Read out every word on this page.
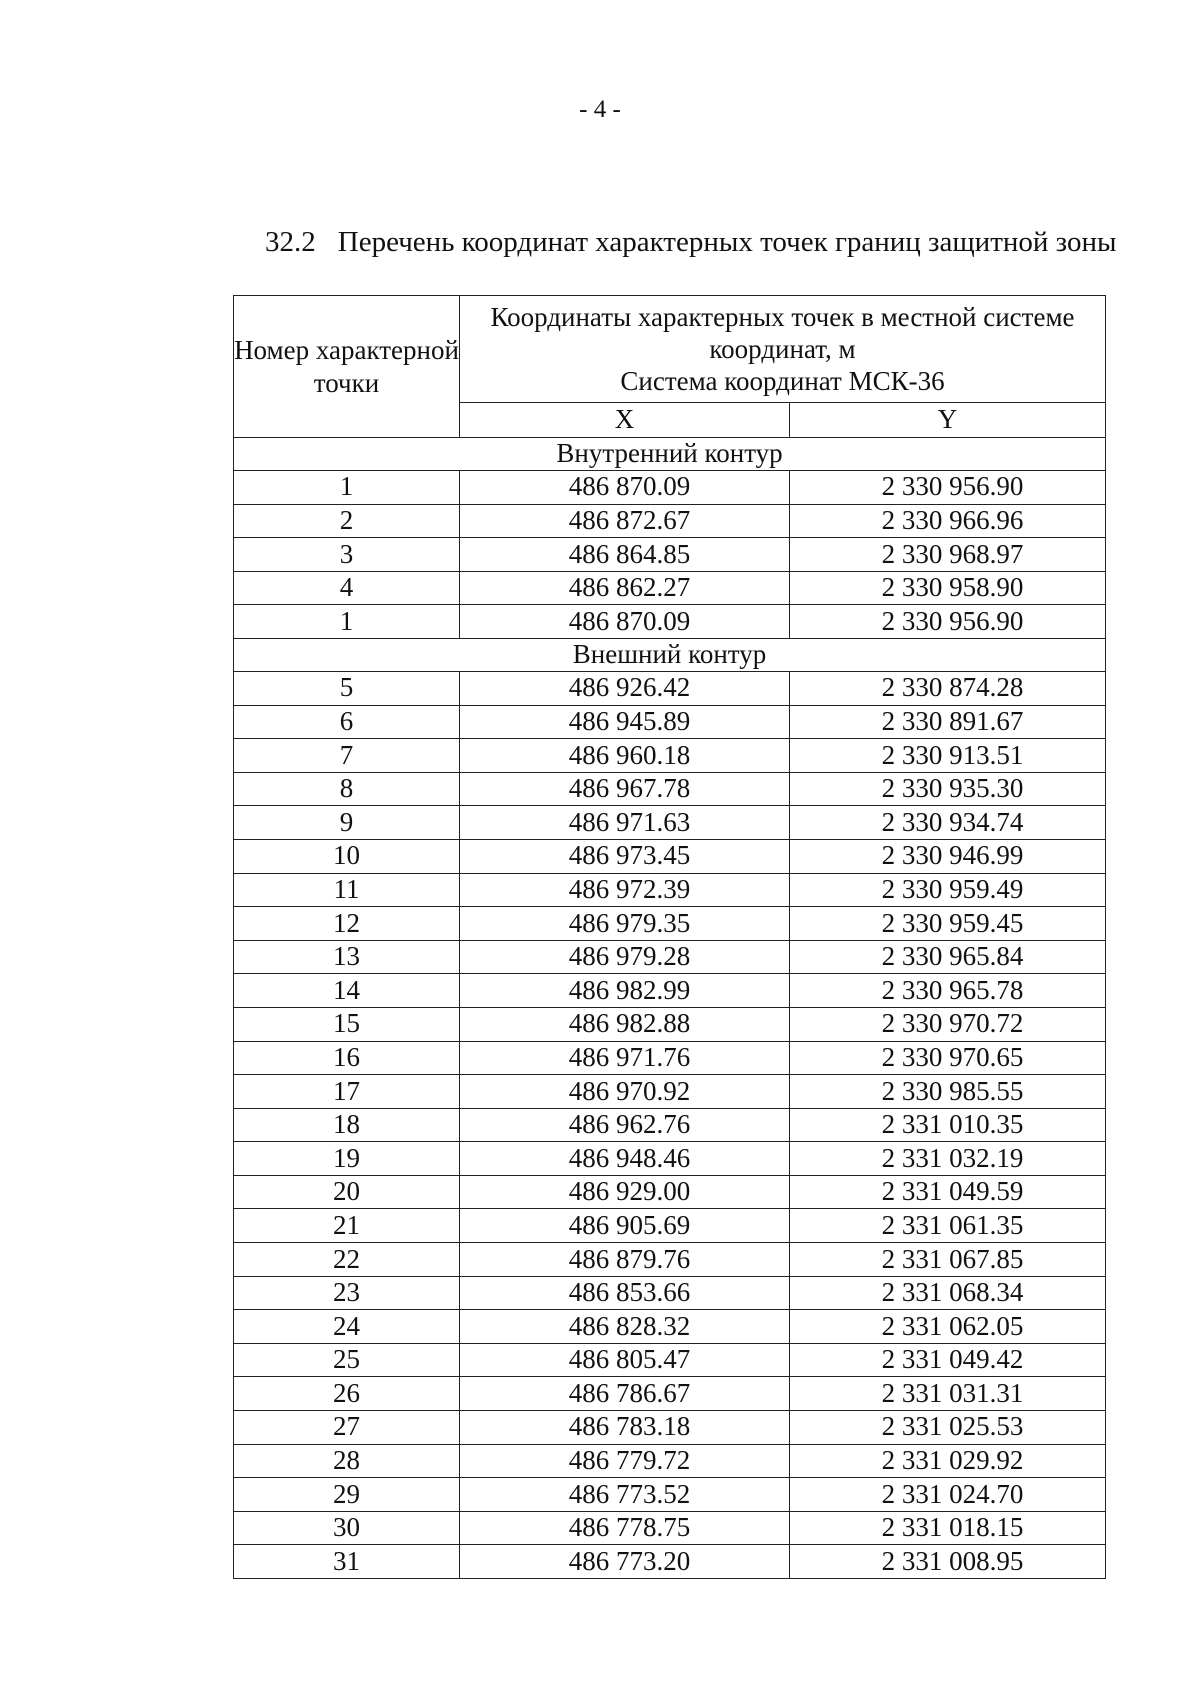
- 4 -
32.2 Перечень координат характерных точек границ защитной зоны
Номер характерной точки	Координаты характерных точек в местной системе координат, м
Система координат МСК-36	

	X	Y
Внутренний контур		
1	486 870.09	2 330 956.90
2	486 872.67	2 330 966.96
3	486 864.85	2 330 968.97
4	486 862.27	2 330 958.90
1	486 870.09	2 330 956.90
Внешний контур		
5	486 926.42	2 330 874.28
6	486 945.89	2 330 891.67
7	486 960.18	2 330 913.51
8	486 967.78	2 330 935.30
9	486 971.63	2 330 934.74
10	486 973.45	2 330 946.99
11	486 972.39	2 330 959.49
12	486 979.35	2 330 959.45
13	486 979.28	2 330 965.84
14	486 982.99	2 330 965.78
15	486 982.88	2 330 970.72
16	486 971.76	2 330 970.65
17	486 970.92	2 330 985.55
18	486 962.76	2 331 010.35
19	486 948.46	2 331 032.19
20	486 929.00	2 331 049.59
21	486 905.69	2 331 061.35
22	486 879.76	2 331 067.85
23	486 853.66	2 331 068.34
24	486 828.32	2 331 062.05
25	486 805.47	2 331 049.42
26	486 786.67	2 331 031.31
27	486 783.18	2 331 025.53
28	486 779.72	2 331 029.92
29	486 773.52	2 331 024.70
30	486 778.75	2 331 018.15
31	486 773.20	2 331 008.95
